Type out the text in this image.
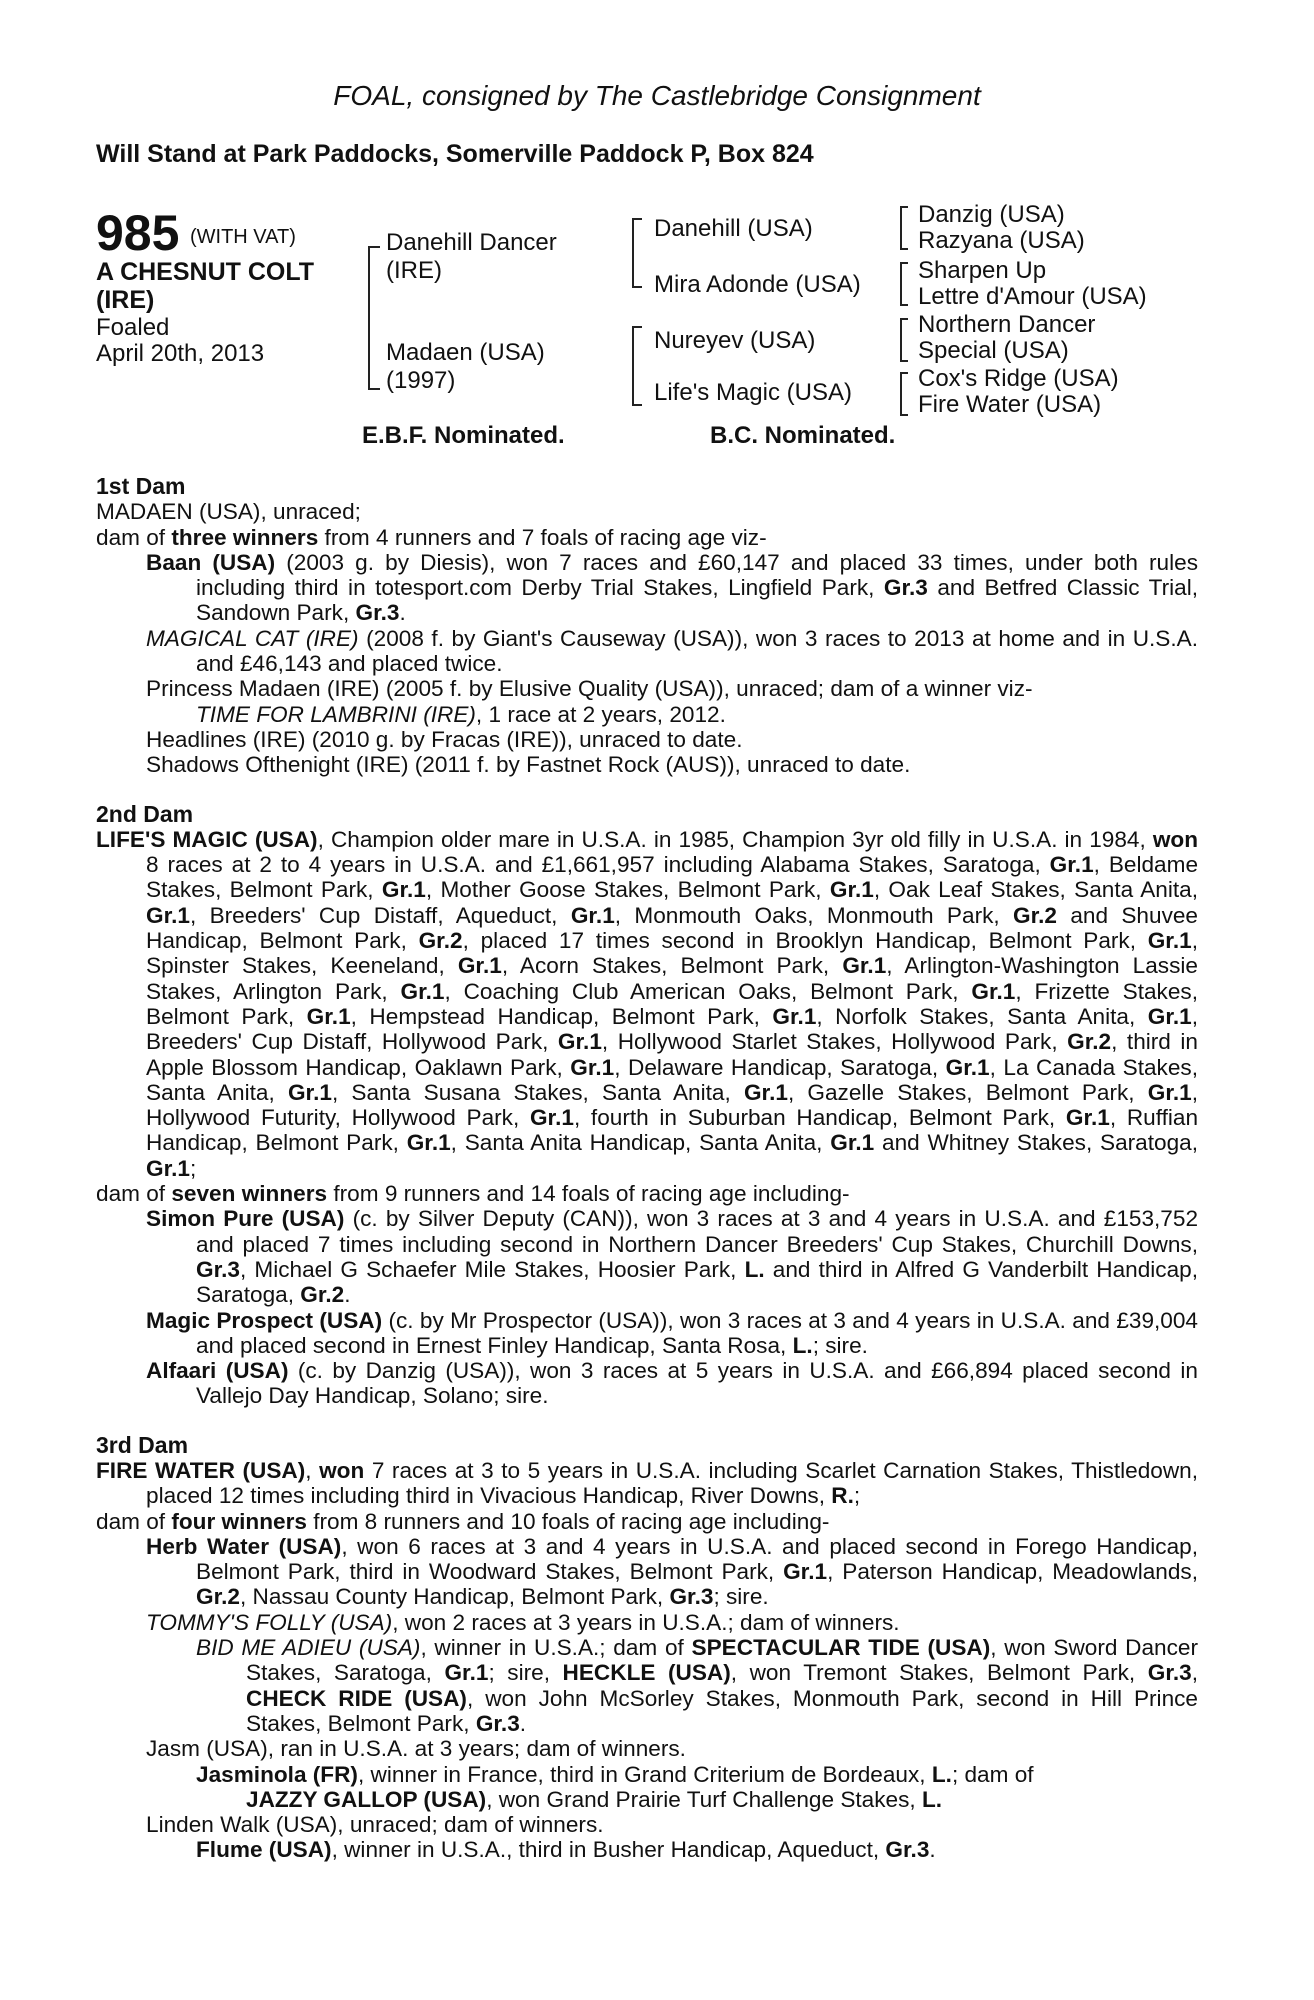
FOAL, consigned by The Castlebridge Consignment
Will Stand at Park Paddocks, Somerville Paddock P, Box 824
985 (WITH VAT)
A CHESNUT COLT
(IRE)
Foaled
April 20th, 2013
Danehill Dancer
(IRE)
Madaen (USA)
(1997)
Danehill (USA)
Mira Adonde (USA)
Nureyev (USA)
Life's Magic (USA)
Danzig (USA)
Razyana (USA)
Sharpen Up
Lettre d'Amour (USA)
Northern Dancer
Special (USA)
Cox's Ridge (USA)
Fire Water (USA)
E.B.F. Nominated.	B.C. Nominated.

1st Dam

MADAEN (USA), unraced;

dam of three winners from 4 runners and 7 foals of racing age viz-

Baan (USA) (2003 g. by Diesis), won 7 races and £60,147 and placed 33 times, under both rules including third in totesport.com Derby Trial Stakes, Lingfield Park, Gr.3 and Betfred Classic Trial, Sandown Park, Gr.3.

MAGICAL CAT (IRE) (2008 f. by Giant's Causeway (USA)), won 3 races to 2013 at home and in U.S.A. and £46,143 and placed twice.

Princess Madaen (IRE) (2005 f. by Elusive Quality (USA)), unraced; dam of a winner viz-

TIME FOR LAMBRINI (IRE), 1 race at 2 years, 2012.

Headlines (IRE) (2010 g. by Fracas (IRE)), unraced to date.

Shadows Ofthenight (IRE) (2011 f. by Fastnet Rock (AUS)), unraced to date.

2nd Dam

LIFE'S MAGIC (USA), Champion older mare in U.S.A. in 1985, Champion 3yr old filly in U.S.A. in 1984, won 8 races at 2 to 4 years in U.S.A. and £1,661,957 including Alabama Stakes, Saratoga, Gr.1, Beldame Stakes, Belmont Park, Gr.1, Mother Goose Stakes, Belmont Park, Gr.1, Oak Leaf Stakes, Santa Anita, Gr.1, Breeders' Cup Distaff, Aqueduct, Gr.1, Monmouth Oaks, Monmouth Park, Gr.2 and Shuvee Handicap, Belmont Park, Gr.2, placed 17 times second in Brooklyn Handicap, Belmont Park, Gr.1, Spinster Stakes, Keeneland, Gr.1, Acorn Stakes, Belmont Park, Gr.1, Arlington-Washington Lassie Stakes, Arlington Park, Gr.1, Coaching Club American Oaks, Belmont Park, Gr.1, Frizette Stakes, Belmont Park, Gr.1, Hempstead Handicap, Belmont Park, Gr.1, Norfolk Stakes, Santa Anita, Gr.1, Breeders' Cup Distaff, Hollywood Park, Gr.1, Hollywood Starlet Stakes, Hollywood Park, Gr.2, third in Apple Blossom Handicap, Oaklawn Park, Gr.1, Delaware Handicap, Saratoga, Gr.1, La Canada Stakes, Santa Anita, Gr.1, Santa Susana Stakes, Santa Anita, Gr.1, Gazelle Stakes, Belmont Park, Gr.1, Hollywood Futurity, Hollywood Park, Gr.1, fourth in Suburban Handicap, Belmont Park, Gr.1, Ruffian Handicap, Belmont Park, Gr.1, Santa Anita Handicap, Santa Anita, Gr.1 and Whitney Stakes, Saratoga, Gr.1;

dam of seven winners from 9 runners and 14 foals of racing age including-

Simon Pure (USA) (c. by Silver Deputy (CAN)), won 3 races at 3 and 4 years in U.S.A. and £153,752 and placed 7 times including second in Northern Dancer Breeders' Cup Stakes, Churchill Downs, Gr.3, Michael G Schaefer Mile Stakes, Hoosier Park, L. and third in Alfred G Vanderbilt Handicap, Saratoga, Gr.2.

Magic Prospect (USA) (c. by Mr Prospector (USA)), won 3 races at 3 and 4 years in U.S.A. and £39,004 and placed second in Ernest Finley Handicap, Santa Rosa, L.; sire.

Alfaari (USA) (c. by Danzig (USA)), won 3 races at 5 years in U.S.A. and £66,894 placed second in Vallejo Day Handicap, Solano; sire.

3rd Dam

FIRE WATER (USA), won 7 races at 3 to 5 years in U.S.A. including Scarlet Carnation Stakes, Thistledown, placed 12 times including third in Vivacious Handicap, River Downs, R.;

dam of four winners from 8 runners and 10 foals of racing age including-

Herb Water (USA), won 6 races at 3 and 4 years in U.S.A. and placed second in Forego Handicap, Belmont Park, third in Woodward Stakes, Belmont Park, Gr.1, Paterson Handicap, Meadowlands, Gr.2, Nassau County Handicap, Belmont Park, Gr.3; sire.

TOMMY'S FOLLY (USA), won 2 races at 3 years in U.S.A.; dam of winners.

BID ME ADIEU (USA), winner in U.S.A.; dam of SPECTACULAR TIDE (USA), won Sword Dancer Stakes, Saratoga, Gr.1; sire, HECKLE (USA), won Tremont Stakes, Belmont Park, Gr.3, CHECK RIDE (USA), won John McSorley Stakes, Monmouth Park, second in Hill Prince Stakes, Belmont Park, Gr.3.

Jasm (USA), ran in U.S.A. at 3 years; dam of winners.

Jasminola (FR), winner in France, third in Grand Criterium de Bordeaux, L.; dam of

JAZZY GALLOP (USA), won Grand Prairie Turf Challenge Stakes, L.

Linden Walk (USA), unraced; dam of winners.

Flume (USA), winner in U.S.A., third in Busher Handicap, Aqueduct, Gr.3.
